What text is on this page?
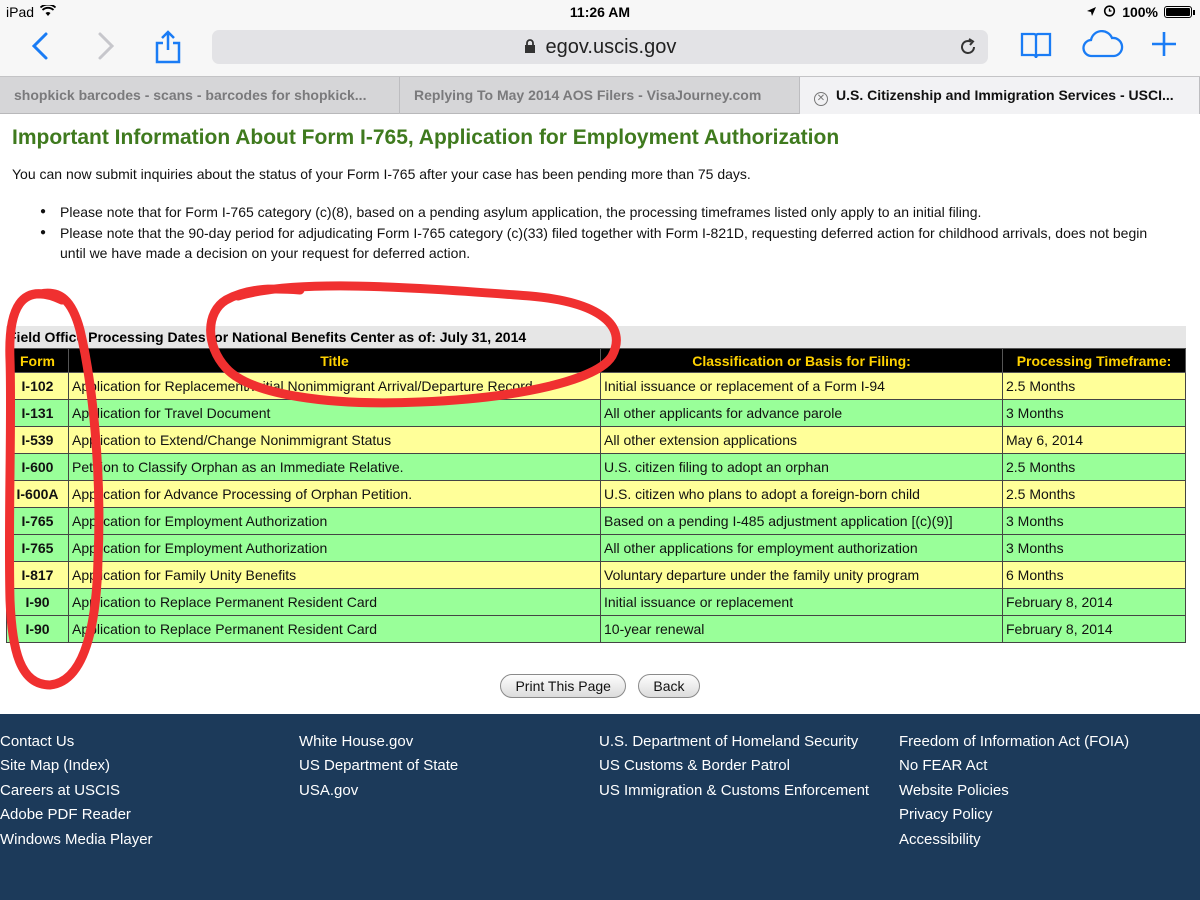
iPad	11:26 AM	100%
egov.uscis.gov
shopkick barcodes - scans - barcodes for shopkick...	Replying To May 2014 AOS Filers - VisaJourney.com	✕ U.S. Citizenship and Immigration Services - USCI...
Important Information About Form I-765, Application for Employment Authorization
You can now submit inquiries about the status of your Form I-765 after your case has been pending more than 75 days.
● Please note that for Form I-765 category (c)(8), based on a pending asylum application, the processing timeframes listed only apply to an initial filing.
● Please note that the 90-day period for adjudicating Form I-765 category (c)(33) filed together with Form I-821D, requesting deferred action for childhood arrivals, does not begin until we have made a decision on your request for deferred action.
Field Office Processing Dates for National Benefits Center as of: July 31, 2014
Form	Title	Classification or Basis for Filing:	Processing Timeframe:
I-102	Application for Replacement/Initial Nonimmigrant Arrival/Departure Record	Initial issuance or replacement of a Form I-94	2.5 Months
I-131	Application for Travel Document	All other applicants for advance parole	3 Months
I-539	Application to Extend/Change Nonimmigrant Status	All other extension applications	May 6, 2014
I-600	Petition to Classify Orphan as an Immediate Relative.	U.S. citizen filing to adopt an orphan	2.5 Months
I-600A	Application for Advance Processing of Orphan Petition.	U.S. citizen who plans to adopt a foreign-born child	2.5 Months
I-765	Application for Employment Authorization	Based on a pending I-485 adjustment application [(c)(9)]	3 Months
I-765	Application for Employment Authorization	All other applications for employment authorization	3 Months
I-817	Application for Family Unity Benefits	Voluntary departure under the family unity program	6 Months
I-90	Application to Replace Permanent Resident Card	Initial issuance or replacement	February 8, 2014
I-90	Application to Replace Permanent Resident Card	10-year renewal	February 8, 2014
Print This Page	Back
Contact Us
Site Map (Index)
Careers at USCIS
Adobe PDF Reader
Windows Media Player
White House.gov
US Department of State
USA.gov
U.S. Department of Homeland Security
US Customs & Border Patrol
US Immigration & Customs Enforcement
Freedom of Information Act (FOIA)
No FEAR Act
Website Policies
Privacy Policy
Accessibility
